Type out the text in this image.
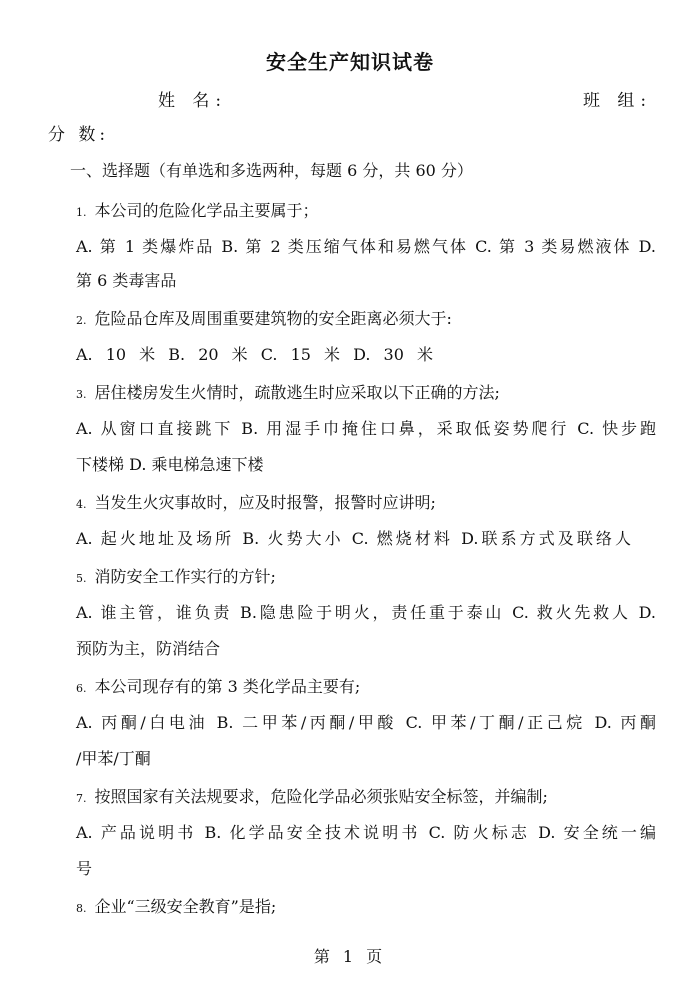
安全生产知识试卷
姓 名:	班 组:
分 数:
一、选择题（有单选和多选两种，每题 6 分，共 60 分）
1. 本公司的危险化学品主要属于；
A. 第 1 类爆炸品 B. 第 2 类压缩气体和易燃气体 C. 第 3 类易燃液体 D.
第 6 类毒害品
2. 危险品仓库及周围重要建筑物的安全距离必须大于:
A. 10 米 B. 20 米 C. 15 米 D. 30 米
3. 居住楼房发生火情时，疏散逃生时应采取以下正确的方法;
A. 从窗口直接跳下 B. 用湿手巾掩住口鼻，采取低姿势爬行 C. 快步跑
下楼梯 D. 乘电梯急速下楼
4. 当发生火灾事故时，应及时报警，报警时应讲明;
A. 起火地址及场所 B. 火势大小 C. 燃烧材料 D.联系方式及联络人
5. 消防安全工作实行的方针;
A. 谁主管，谁负责 B.隐患险于明火，责任重于泰山 C. 救火先救人 D.
预防为主，防消结合
6. 本公司现存有的第 3 类化学品主要有;
A. 丙酮/白电油 B. 二甲苯/丙酮/甲酸 C. 甲苯/丁酮/正己烷 D. 丙酮
/甲苯/丁酮
7. 按照国家有关法规要求，危险化学品必须张贴安全标签，并编制;
A. 产品说明书 B. 化学品安全技术说明书 C. 防火标志 D. 安全统一编
号
8. 企业“三级安全教育”是指;
第 1 页
